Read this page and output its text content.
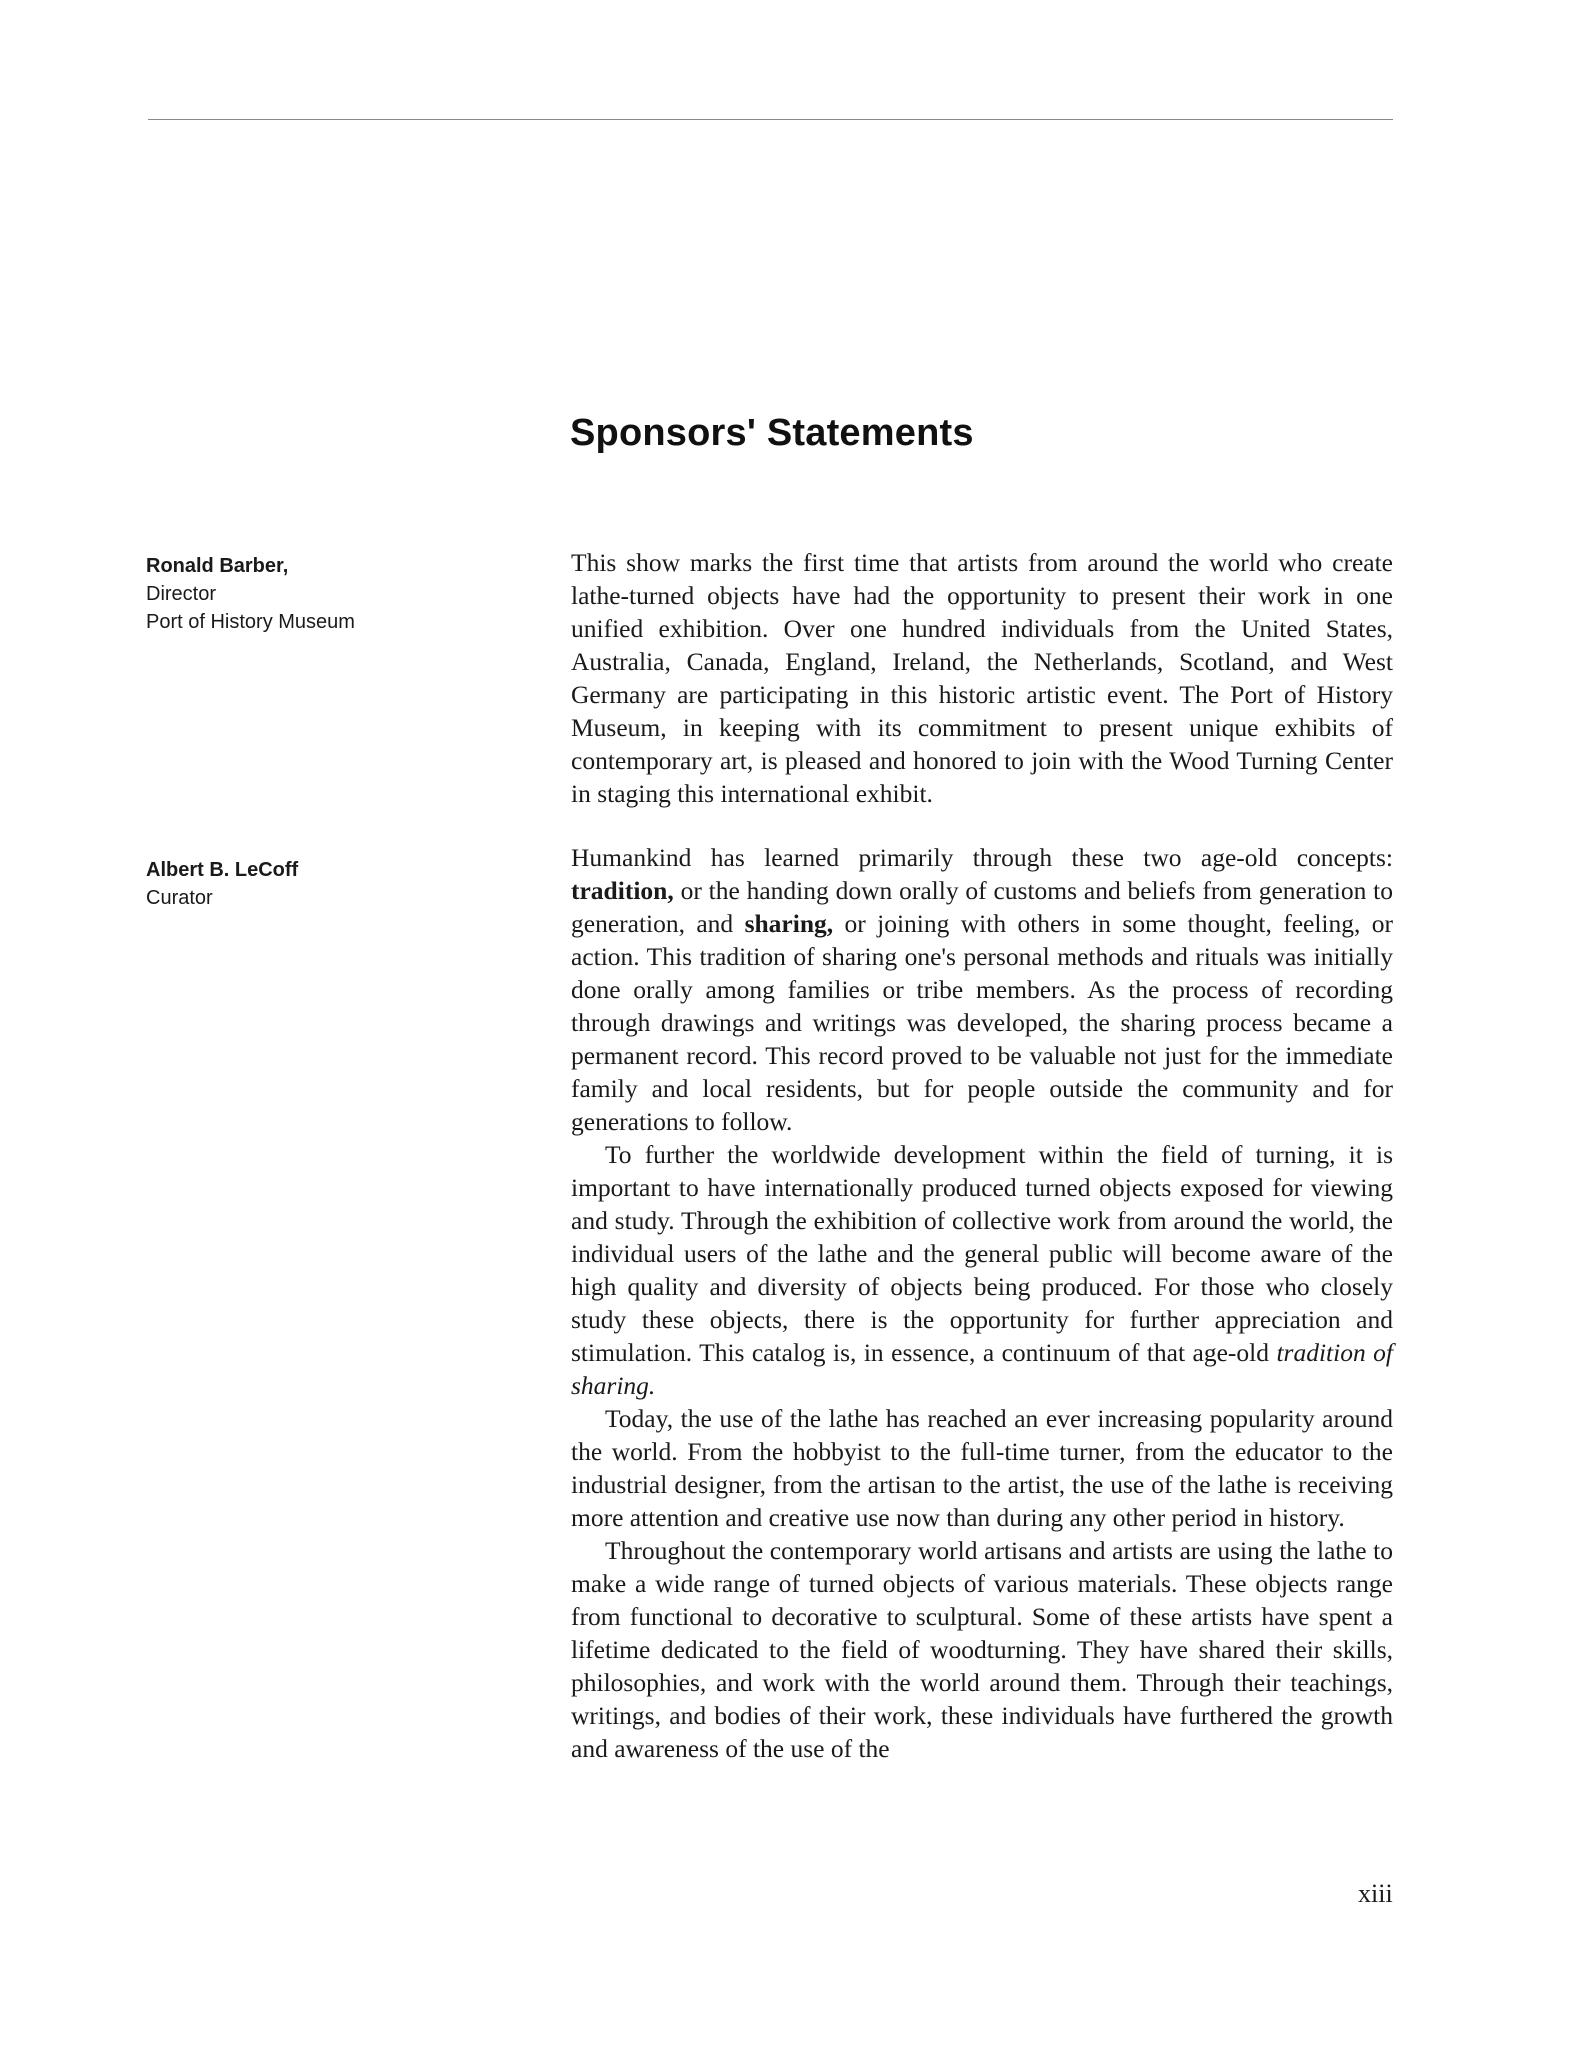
Sponsors' Statements
Ronald Barber,
Director
Port of History Museum

This show marks the first time that artists from around the world who create lathe-turned objects have had the opportunity to present their work in one unified exhibition. Over one hundred individuals from the United States, Australia, Canada, England, Ireland, the Netherlands, Scotland, and West Germany are participating in this historic artistic event. The Port of History Museum, in keeping with its commitment to present unique exhibits of contemporary art, is pleased and honored to join with the Wood Turning Center in staging this international exhibit.

Albert B. LeCoff
Curator

Humankind has learned primarily through these two age-old concepts: tradition, or the handing down orally of customs and beliefs from generation to generation, and sharing, or joining with others in some thought, feeling, or action. This tradition of sharing one's personal methods and rituals was initially done orally among families or tribe members. As the process of recording through drawings and writings was developed, the sharing process became a permanent record. This record proved to be valuable not just for the immediate family and local residents, but for people outside the community and for generations to follow.

To further the worldwide development within the field of turning, it is important to have internationally produced turned objects exposed for viewing and study. Through the exhibition of collective work from around the world, the individual users of the lathe and the general public will become aware of the high quality and diversity of objects being produced. For those who closely study these objects, there is the opportunity for further appreciation and stimulation. This catalog is, in essence, a continuum of that age-old tradition of sharing.

Today, the use of the lathe has reached an ever increasing popularity around the world. From the hobbyist to the full-time turner, from the educator to the industrial designer, from the artisan to the artist, the use of the lathe is receiving more attention and creative use now than during any other period in history.

Throughout the contemporary world artisans and artists are using the lathe to make a wide range of turned objects of various materials. These objects range from functional to decorative to sculptural. Some of these artists have spent a lifetime dedicated to the field of woodturning. They have shared their skills, philosophies, and work with the world around them. Through their teachings, writings, and bodies of their work, these individuals have furthered the growth and awareness of the use of the

xiii
